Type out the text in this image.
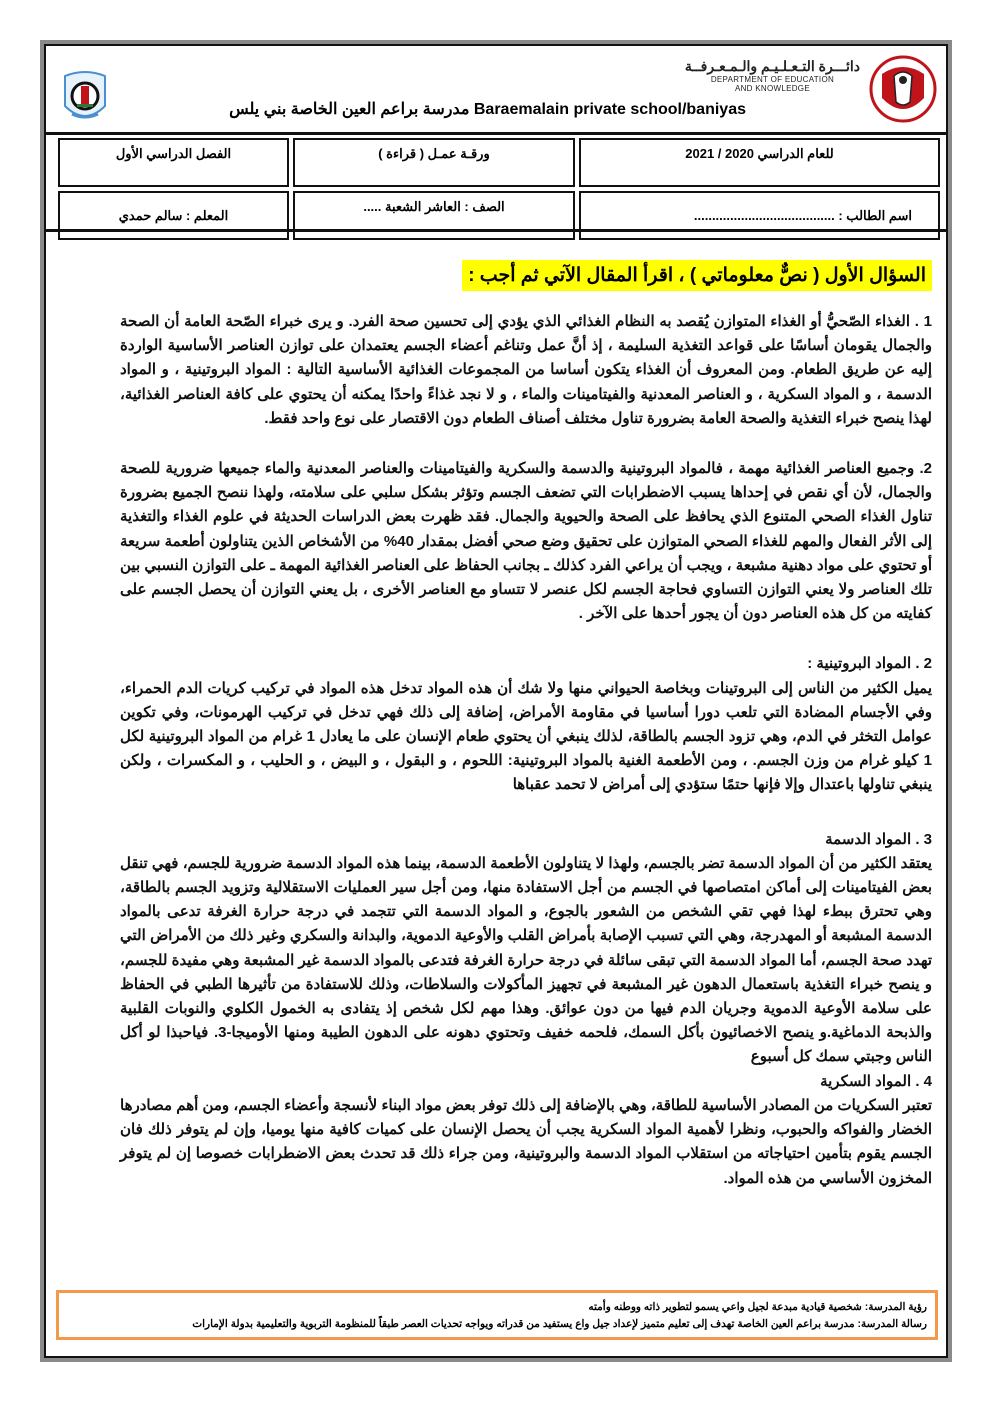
دائـــرة التـعـلـيـم والـمـعـرفــة
DEPARTMENT OF EDUCATION
AND KNOWLEDGE
Baraemalain private school/baniyas مدرسة براعم العين الخاصة بني يلس
للعام الدراسي 2020 / 2021	ورقـة عمـل ( قراءة )	الفصل الدراسي الأول
اسم الطالب : .......................................	الصف : العاشر الشعبة .....	المعلم : سالم حمدي
السؤال الأول ( نصٌّ معلوماتي ) ، اقرأ المقال الآتي ثم أجب :

1 . الغذاء الصّحيُّ أو الغذاء المتوازن يُقصد به النظام الغذائي الذي يؤدي إلى تحسين صحة الفرد. و يرى خبراء الصّحة العامة أن الصحة والجمال يقومان أساسًا على قواعد التغذية السليمة ، إذ أنَّ عمل وتناغم أعضاء الجسم يعتمدان على توازن العناصر الأساسية الواردة إليه عن طريق الطعام. ومن المعروف أن الغذاء يتكون أساسا من المجموعات الغذائية الأساسية التالية : المواد البروتينية ، و المواد الدسمة ، و المواد السكرية ، و العناصر المعدنية والفيتامينات والماء ، و لا نجد غذاءً واحدًا يمكنه أن يحتوي على كافة العناصر الغذائية، لهذا ينصح خبراء التغذية والصحة العامة بضرورة تناول مختلف أصناف الطعام دون الاقتصار على نوع واحد فقط.

2. وجميع العناصر الغذائية مهمة ، فالمواد البروتينية والدسمة والسكرية والفيتامينات والعناصر المعدنية والماء جميعها ضرورية للصحة والجمال، لأن أي نقص في إحداها يسبب الاضطرابات التي تضعف الجسم وتؤثر بشكل سلبي على سلامته، ولهذا ننصح الجميع بضرورة تناول الغذاء الصحي المتنوع الذي يحافظ على الصحة والحيوية والجمال. فقد ظهرت بعض الدراسات الحديثة في علوم الغذاء والتغذية إلى الأثر الفعال والمهم للغذاء الصحي المتوازن على تحقيق وضع صحي أفضل بمقدار 40% من الأشخاص الذين يتناولون أطعمة سريعة أو تحتوي على مواد دهنية مشبعة ، ويجب أن يراعي الفرد كذلك ـ بجانب الحفاظ على العناصر الغذائية المهمة ـ على التوازن النسبي بين تلك العناصر ولا يعني التوازن التساوي فحاجة الجسم لكل عنصر لا تتساو مع العناصر الأخرى ، بل يعني التوازن أن يحصل الجسم على كفايته من كل هذه العناصر دون أن يجور أحدها على الآخر .

2 . المواد البروتينية :

يميل الكثير من الناس إلى البروتينات وبخاصة الحيواني منها ولا شك أن هذه المواد تدخل هذه المواد في تركيب كريات الدم الحمراء، وفي الأجسام المضادة التي تلعب دورا أساسيا في مقاومة الأمراض، إضافة إلى ذلك فهي تدخل في تركيب الهرمونات، وفي تكوين عوامل التخثر في الدم، وهي تزود الجسم بالطاقة، لذلك ينبغي أن يحتوي طعام الإنسان على ما يعادل 1 غرام من المواد البروتينية لكل 1 كيلو غرام من وزن الجسم. ، ومن الأطعمة الغنية بالمواد البروتينية: اللحوم ، و البقول ، و البيض ، و الحليب ، و المكسرات ، ولكن ينبغي تناولها باعتدال وإلا فإنها حتمًا ستؤدي إلى أمراض لا تحمد عقباها

3 . المواد الدسمة

يعتقد الكثير من أن المواد الدسمة تضر بالجسم، ولهذا لا يتناولون الأطعمة الدسمة، بينما هذه المواد الدسمة ضرورية للجسم، فهي تنقل بعض الفيتامينات إلى أماكن امتصاصها في الجسم من أجل الاستفادة منها، ومن أجل سير العمليات الاستقلالية وتزويد الجسم بالطاقة، وهي تحترق ببطء لهذا فهي تقي الشخص من الشعور بالجوع، و المواد الدسمة التي تتجمد في درجة حرارة الغرفة تدعى بالمواد الدسمة المشبعة أو المهدرجة، وهي التي تسبب الإصابة بأمراض القلب والأوعية الدموية، والبدانة والسكري وغير ذلك من الأمراض التي تهدد صحة الجسم، أما المواد الدسمة التي تبقى سائلة في درجة حرارة الغرفة فتدعى بالمواد الدسمة غير المشبعة وهي مفيدة للجسم، و ينصح خبراء التغذية باستعمال الدهون غير المشبعة في تجهيز المأكولات والسلاطات، وذلك للاستفادة من تأثيرها الطبي في الحفاظ على سلامة الأوعية الدموية وجريان الدم فيها من دون عوائق. وهذا مهم لكل شخص إذ يتفادى به الخمول الكلوي والنوبات القلبية والذبحة الدماغية.و ينصح الاخصائيون بأكل السمك، فلحمه خفيف وتحتوي دهونه على الدهون الطيبة ومنها الأوميجا-3. فياحبذا لو أكل الناس وجبتي سمك كل أسبوع

4 . المواد السكرية

تعتبر السكريات من المصادر الأساسية للطاقة، وهي بالإضافة إلى ذلك توفر بعض مواد البناء لأنسجة وأعضاء الجسم، ومن أهم مصادرها الخضار والفواكه والحبوب، ونظرا لأهمية المواد السكرية يجب أن يحصل الإنسان على كميات كافية منها يوميا، وإن لم يتوفر ذلك فان الجسم يقوم بتأمين احتياجاته من استقلاب المواد الدسمة والبروتينية، ومن جراء ذلك قد تحدث بعض الاضطرابات خصوصا إن لم يتوفر المخزون الأساسي من هذه المواد.

رؤية المدرسة: شخصية قيادية مبدعة لجيل واعي يسمو لتطوير ذاته ووطنه وأمته
رسالة المدرسة: مدرسة براعم العين الخاصة تهدف إلى تعليم متميز لإعداد جيل واع يستفيد من قدراته ويواجه تحديات العصر طبقاً للمنظومة التربوية والتعليمية بدولة الإمارات
